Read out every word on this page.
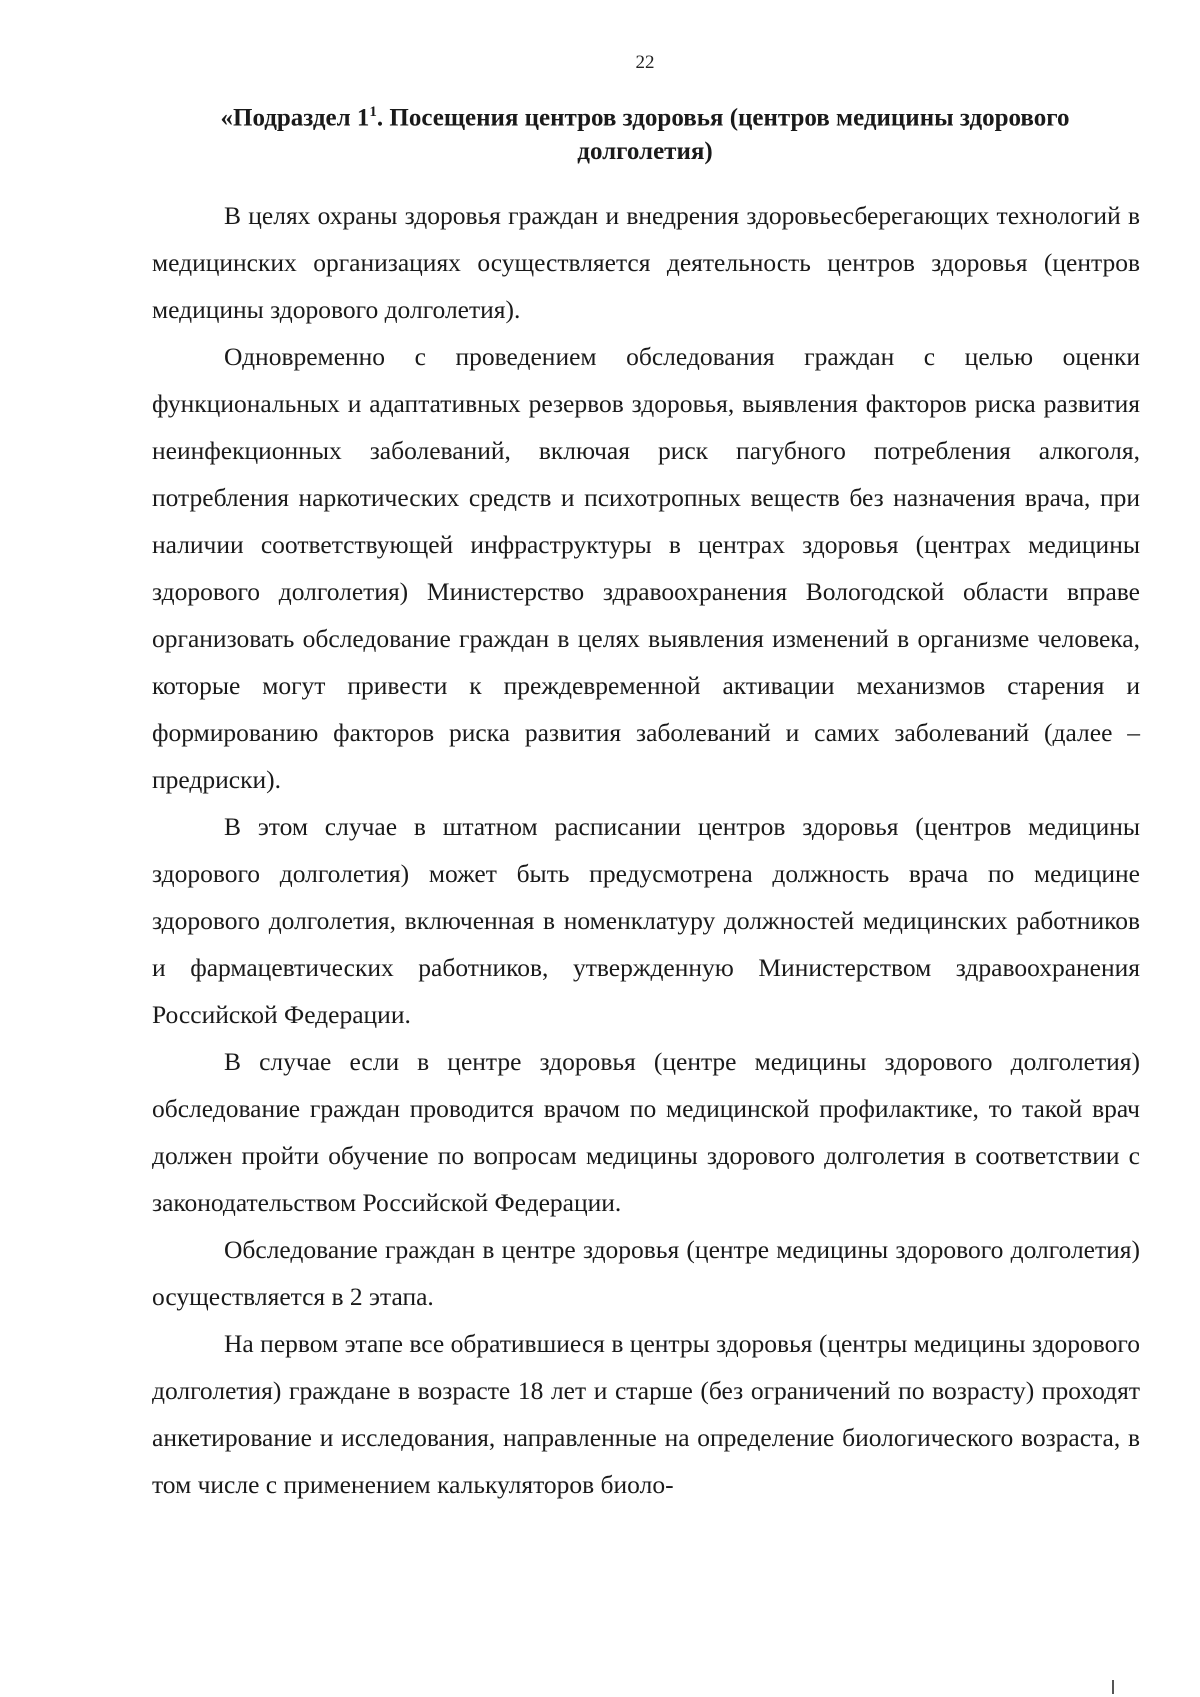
22
«Подраздел $1^1$. Посещения центров здоровья (центров медицины здорового долголетия)

В целях охраны здоровья граждан и внедрения здоровьесберегающих технологий в медицинских организациях осуществляется деятельность центров здоровья (центров медицины здорового долголетия).

Одновременно с проведением обследования граждан с целью оценки функциональных и адаптативных резервов здоровья, выявления факторов риска развития неинфекционных заболеваний, включая риск пагубного потребления алкоголя, потребления наркотических средств и психотропных веществ без назначения врача, при наличии соответствующей инфраструктуры в центрах здоровья (центрах медицины здорового долголетия) Министерство здравоохранения Вологодской области вправе организовать обследование граждан в целях выявления изменений в организме человека, которые могут привести к преждевременной активации механизмов старения и формированию факторов риска развития заболеваний и самих заболеваний (далее – предриски).

В этом случае в штатном расписании центров здоровья (центров медицины здорового долголетия) может быть предусмотрена должность врача по медицине здорового долголетия, включенная в номенклатуру должностей медицинских работников и фармацевтических работников, утвержденную Министерством здравоохранения Российской Федерации.

В случае если в центре здоровья (центре медицины здорового долголетия) обследование граждан проводится врачом по медицинской профилактике, то такой врач должен пройти обучение по вопросам медицины здорового долголетия в соответствии с законодательством Российской Федерации.

Обследование граждан в центре здоровья (центре медицины здорового долголетия) осуществляется в 2 этапа.

На первом этапе все обратившиеся в центры здоровья (центры медицины здорового долголетия) граждане в возрасте 18 лет и старше (без ограничений по возрасту) проходят анкетирование и исследования, направленные на определение биологического возраста, в том числе с применением калькуляторов биоло-
